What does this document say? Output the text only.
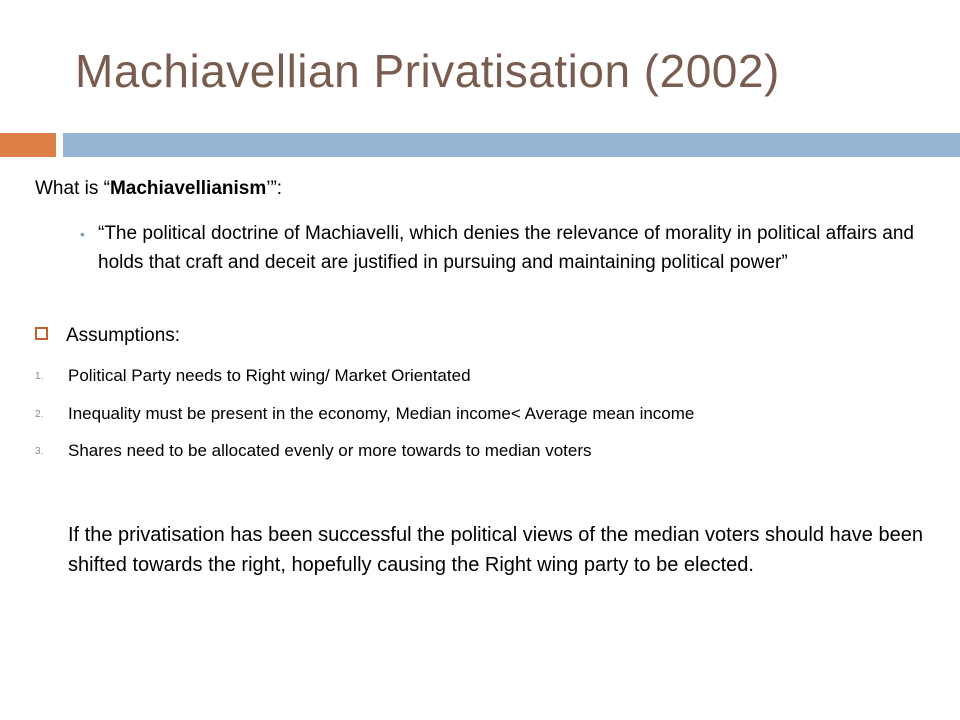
Machiavellian Privatisation (2002)
What is “Machiavellianism’”:
• “The political doctrine of Machiavelli, which denies the relevance of morality in political affairs and holds that craft and deceit are justified in pursuing and maintaining political power”
Assumptions:
1. Political Party needs to Right wing/ Market Orientated
2. Inequality must be present in the economy, Median income< Average mean income
3. Shares need to be allocated evenly or more towards to median voters
If the privatisation has been successful the political views of the median voters should have been shifted towards the right, hopefully causing the Right wing party to be elected.
